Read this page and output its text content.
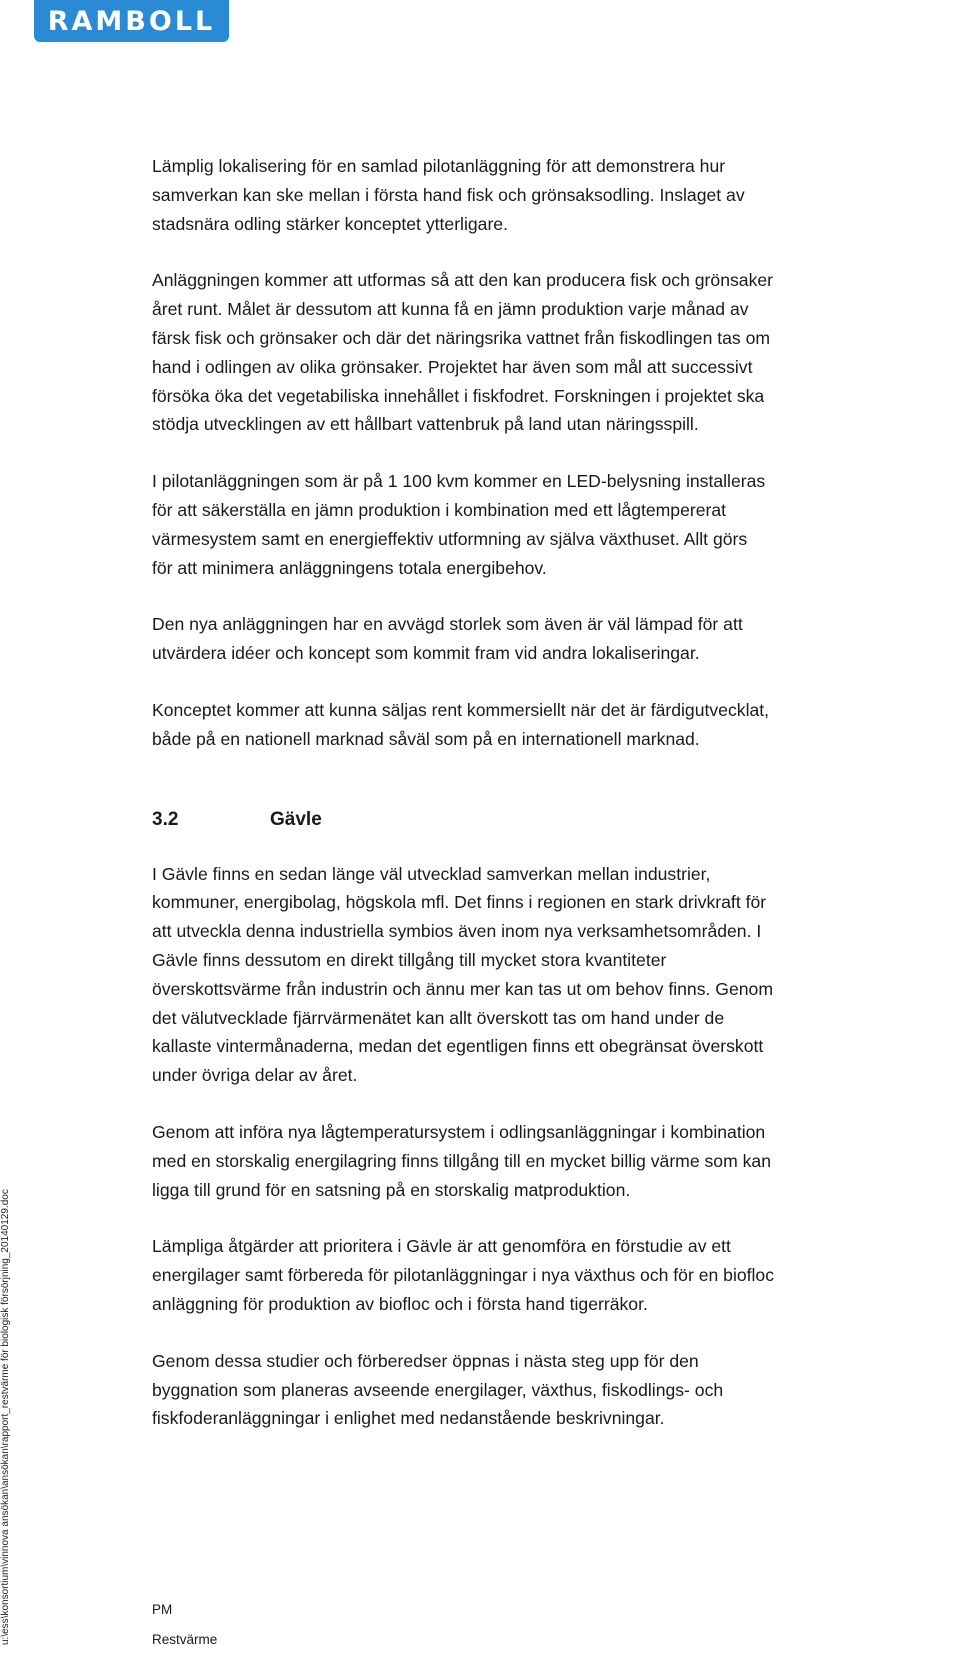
RAMBOLL

Lämplig lokalisering för en samlad pilotanläggning för att demonstrera hur
samverkan kan ske mellan i första hand fisk och grönsaksodling. Inslaget av
stadsnära odling stärker konceptet ytterligare.

Anläggningen kommer att utformas så att den kan producera fisk och grönsaker
året runt. Målet är dessutom att kunna få en jämn produktion varje månad av
färsk fisk och grönsaker och där det näringsrika vattnet från fiskodlingen tas om
hand i odlingen av olika grönsaker. Projektet har även som mål att successivt
försöka öka det vegetabiliska innehållet i fiskfodret. Forskningen i projektet ska
stödja utvecklingen av ett hållbart vattenbruk på land utan näringsspill.

I pilotanläggningen som är på 1 100 kvm kommer en LED-belysning installeras
för att säkerställa en jämn produktion i kombination med ett lågtempererat
värmesystem samt en energieffektiv utformning av själva växthuset. Allt görs
för att minimera anläggningens totala energibehov.

Den nya anläggningen har en avvägd storlek som även är väl lämpad för att
utvärdera idéer och koncept som kommit fram vid andra lokaliseringar.

Konceptet kommer att kunna säljas rent kommersiellt när det är färdigutvecklat,
både på en nationell marknad såväl som på en internationell marknad.

3.2	Gävle

I Gävle finns en sedan länge väl utvecklad samverkan mellan industrier,
kommuner, energibolag, högskola mfl. Det finns i regionen en stark drivkraft för
att utveckla denna industriella symbios även inom nya verksamhetsområden. I
Gävle finns dessutom en direkt tillgång till mycket stora kvantiteter
överskottsvärme från industrin och ännu mer kan tas ut om behov finns. Genom
det välutvecklade fjärrvärmenätet kan allt överskott tas om hand under de
kallaste vintermånaderna, medan det egentligen finns ett obegränsat överskott
under övriga delar av året.

Genom att införa nya lågtemperatursystem i odlingsanläggningar i kombination
med en storskalig energilagring finns tillgång till en mycket billig värme som kan
ligga till grund för en satsning på en storskalig matproduktion.

Lämpliga åtgärder att prioritera i Gävle är att genomföra en förstudie av ett
energilager samt förbereda för pilotanläggningar i nya växthus och för en biofloc
anläggning för produktion av biofloc och i första hand tigerräkor.

Genom dessa studier och förberedser öppnas i nästa steg upp för den
byggnation som planeras avseende energilager, växthus, fiskodlings- och
fiskfoderanläggningar i enlighet med nedanstående beskrivningar.

PM
Restvärme
u:\ess\konsortium\vinnova ansökan\ansökan\rapport_restvärme för biologisk försörjning_20140129.doc
